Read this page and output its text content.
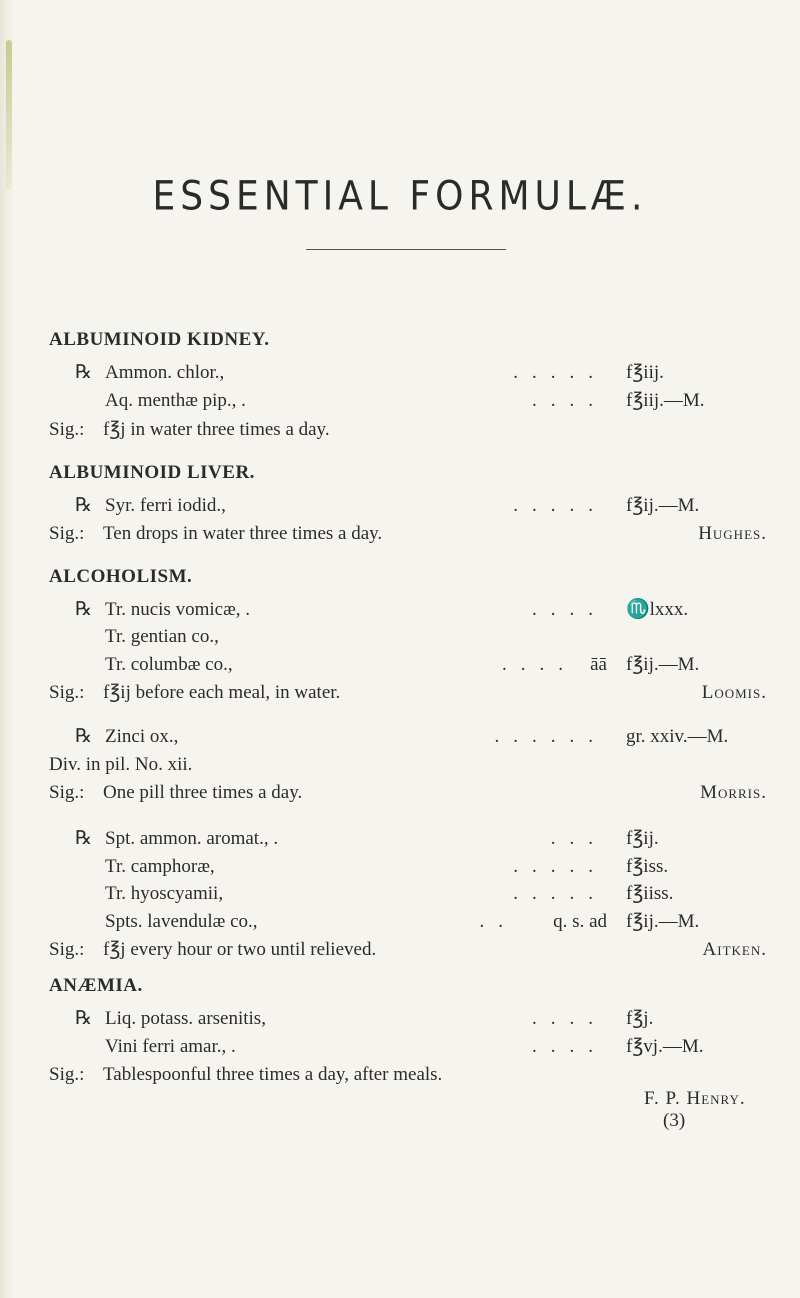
ESSENTIAL FORMULÆ.
ALBUMINOID KIDNEY.
℞ Ammon. chlor.,	..... f℥iij.
Aq. menthæ pip., .	.... f℥iij.—M.
Sig.: f℥j in water three times a day.
ALBUMINOID LIVER.
℞ Syr. ferri iodid.,	..... f℥ij.—M.
Sig.: Ten drops in water three times a day.	Hughes.
ALCOHOLISM.
℞ Tr. nucis vomicæ, .	.... ♏lxxx.
Tr. gentian co.,
Tr. columbæ co.,	.... āā f℥ij.—M.
Sig.: f℥ij before each meal, in water.	Loomis.
℞ Zinci ox.,	...... gr. xxiv.—M.
Div. in pil. No. xii.
Sig.: One pill three times a day.	Morris.
℞ Spt. ammon. aromat., .	... f℥ij.
Tr. camphoræ,	..... f℥iss.
Tr. hyoscyamii,	..... f℥iiss.
Spts. lavendulæ co.,	.. q. s. ad f℥ij.—M.
Sig.: f℥j every hour or two until relieved.	Aitken.
ANÆMIA.
℞ Liq. potass. arsenitis,	.... f℥j.
Vini ferri amar., .	.... f℥vj.—M.
Sig.: Tablespoonful three times a day, after meals.
F. P. Henry.
(3)
